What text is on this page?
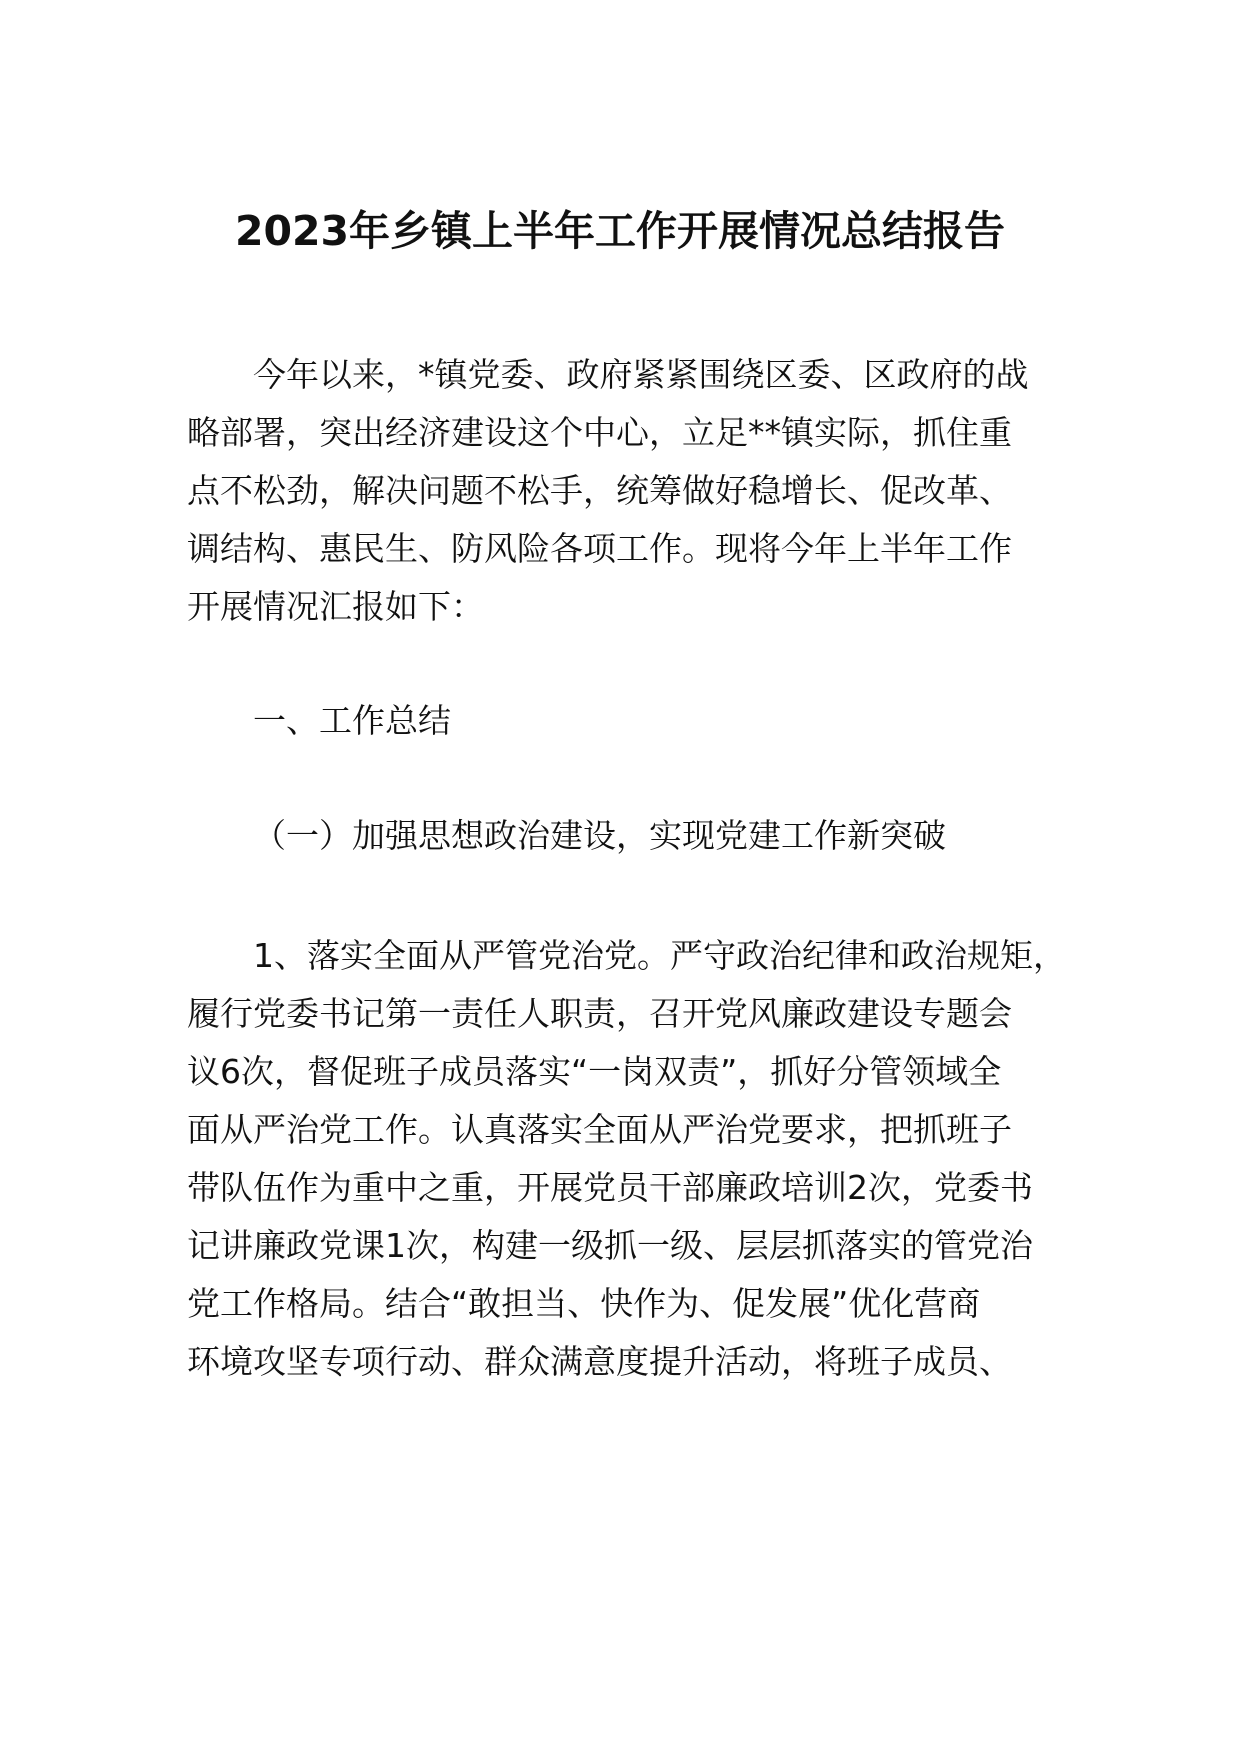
2023年乡镇上半年工作开展情况总结报告
今年以来，*镇党委、政府紧紧围绕区委、区政府的战
略部署，突出经济建设这个中心，立足**镇实际，抓住重
点不松劲，解决问题不松手，统筹做好稳增长、促改革、
调结构、惠民生、防风险各项工作。现将今年上半年工作
开展情况汇报如下：
一、工作总结
（一）加强思想政治建设，实现党建工作新突破
1、落实全面从严管党治党。严守政治纪律和政治规矩，
履行党委书记第一责任人职责，召开党风廉政建设专题会
议6次，督促班子成员落实“一岗双责”，抓好分管领域全
面从严治党工作。认真落实全面从严治党要求，把抓班子
带队伍作为重中之重，开展党员干部廉政培训2次，党委书
记讲廉政党课1次，构建一级抓一级、层层抓落实的管党治
党工作格局。结合“敢担当、快作为、促发展”优化营商
环境攻坚专项行动、群众满意度提升活动，将班子成员、
